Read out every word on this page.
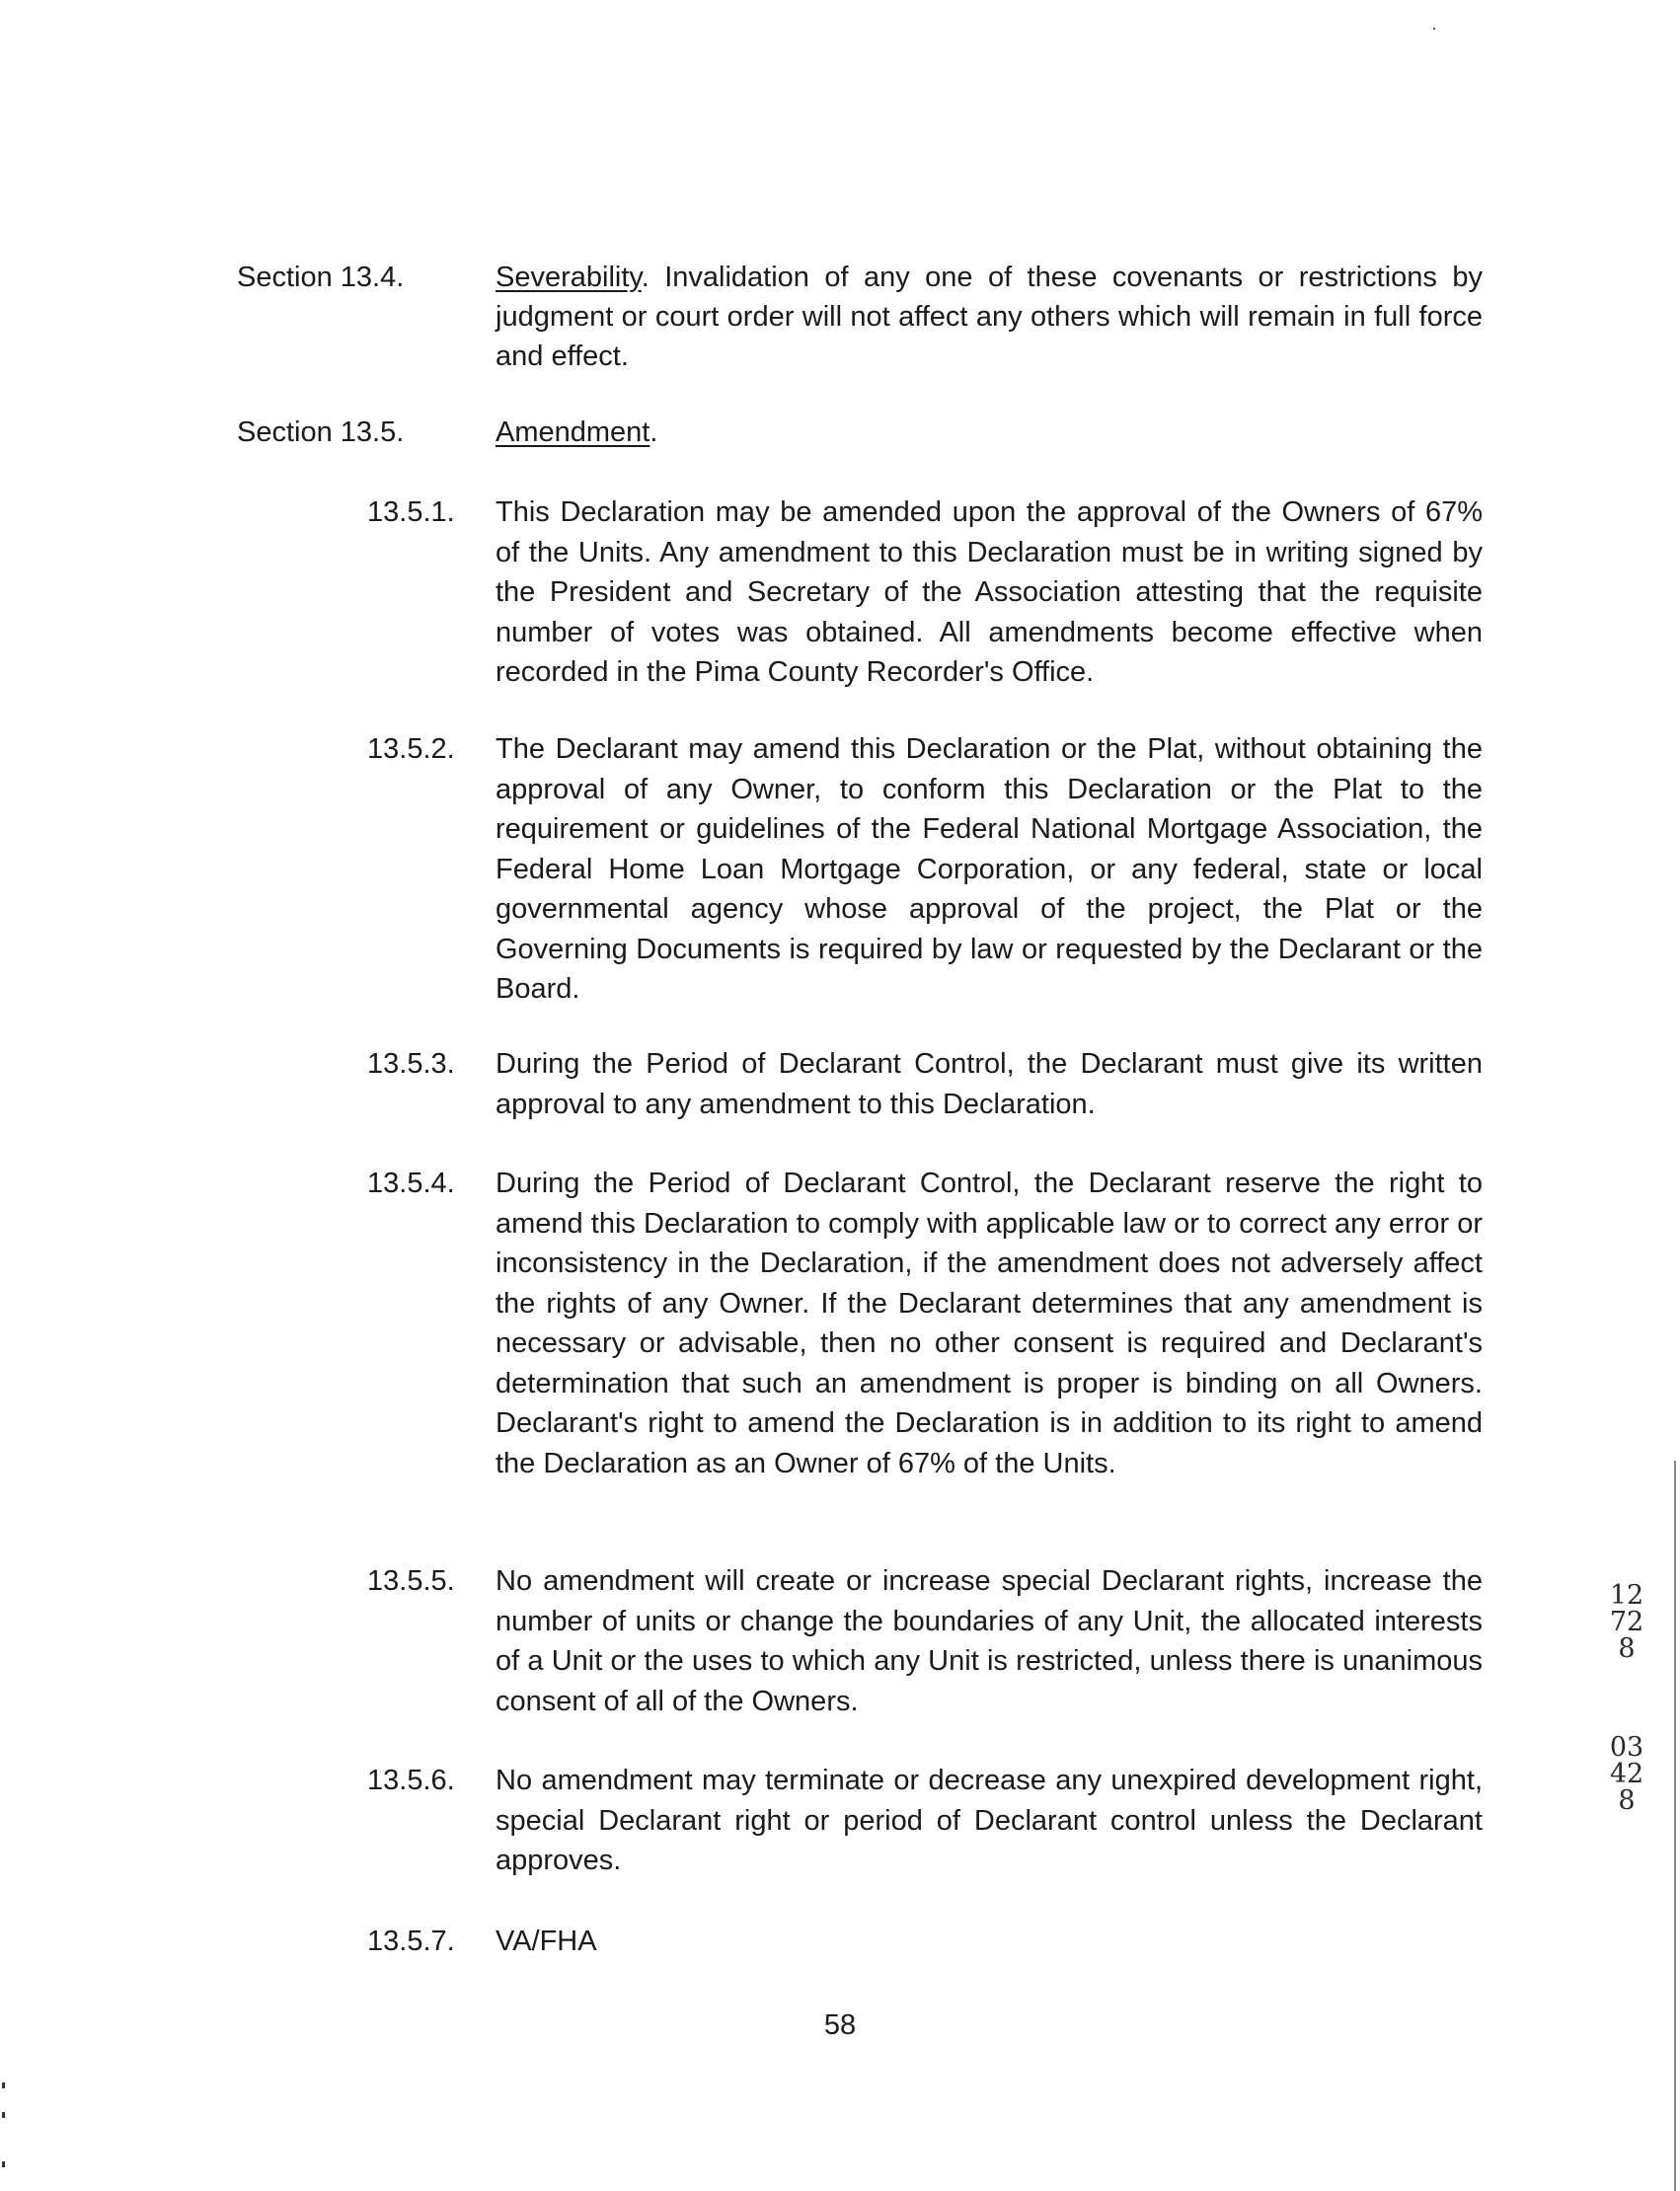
Section 13.4.	Severability. Invalidation of any one of these covenants or restrictions by judgment or court order will not affect any others which will remain in full force and effect.
Section 13.5.	Amendment.
13.5.1. This Declaration may be amended upon the approval of the Owners of 67% of the Units. Any amendment to this Declaration must be in writing signed by the President and Secretary of the Association attesting that the requisite number of votes was obtained. All amendments become effective when recorded in the Pima County Recorder's Office.
13.5.2. The Declarant may amend this Declaration or the Plat, without obtaining the approval of any Owner, to conform this Declaration or the Plat to the requirement or guidelines of the Federal National Mortgage Association, the Federal Home Loan Mortgage Corporation, or any federal, state or local governmental agency whose approval of the project, the Plat or the Governing Documents is required by law or requested by the Declarant or the Board.
13.5.3. During the Period of Declarant Control, the Declarant must give its written approval to any amendment to this Declaration.
13.5.4. During the Period of Declarant Control, the Declarant reserve the right to amend this Declaration to comply with applicable law or to correct any error or inconsistency in the Declaration, if the amendment does not adversely affect the rights of any Owner. If the Declarant determines that any amendment is necessary or advisable, then no other consent is required and Declarant's determination that such an amendment is proper is binding on all Owners. Declarant's right to amend the Declaration is in addition to its right to amend the Declaration as an Owner of 67% of the Units.
13.5.5. No amendment will create or increase special Declarant rights, increase the number of units or change the boundaries of any Unit, the allocated interests of a Unit or the uses to which any Unit is restricted, unless there is unanimous consent of all of the Owners.
13.5.6. No amendment may terminate or decrease any unexpired development right, special Declarant right or period of Declarant control unless the Declarant approves.
13.5.7. VA/FHA
58
12728
03428
